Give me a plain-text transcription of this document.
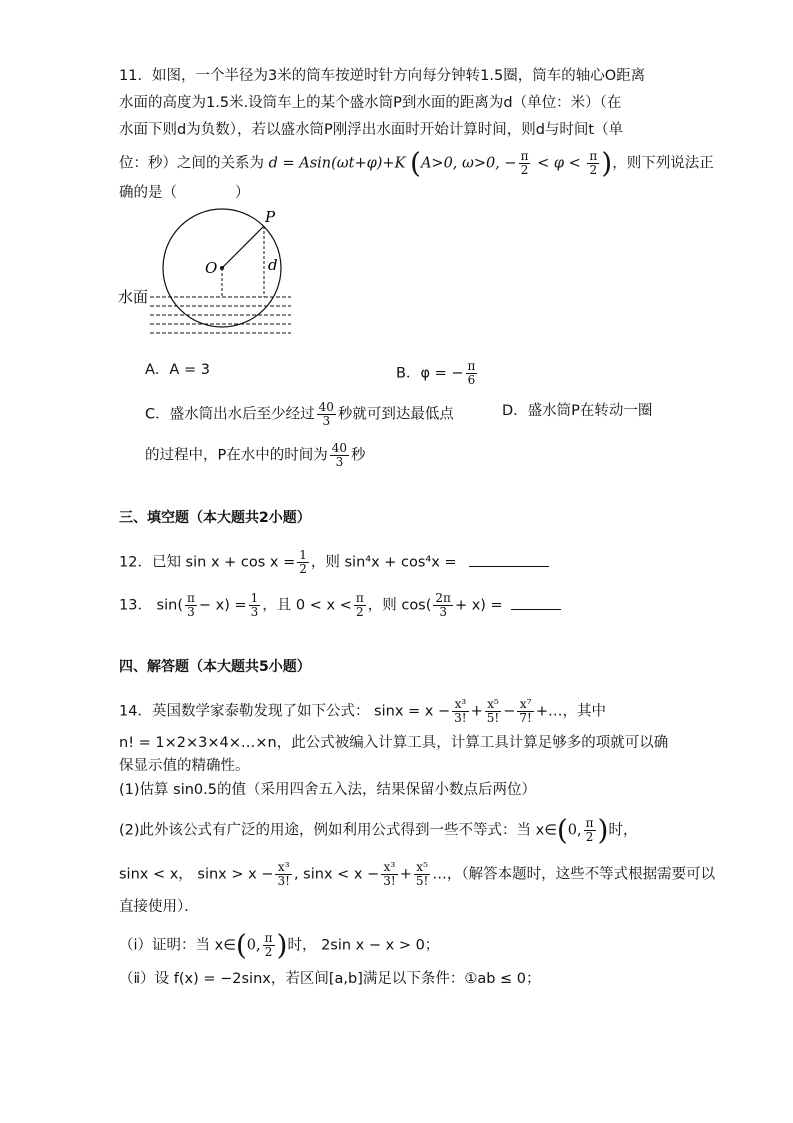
11．如图，一个半径为3米的筒车按逆时针方向每分钟转1.5圈，筒车的轴心O距离
水面的高度为1.5米.设筒车上的某个盛水筒P到水面的距离为d（单位：米）（在
水面下则d为负数），若以盛水筒P刚浮出水面时开始计算时间，则d与时间t（单
位：秒）之间的关系为 d = Asin(ωt+φ)+K (A>0, ω>0, − $\frac{\pi}{2} < \varphi < \frac{\pi}{2}$ )，则下列说法正
确的是（　　　　）
P
O	d
水面
A．A = 3	B．φ = − $\frac{\pi}{6}$
C．盛水筒出水后至少经过 $\frac{40}{3}$ 秒就可到达最低点	D．盛水筒P在转动一圈
的过程中，P在水中的时间为 $\frac{40}{3}$ 秒
三、填空题（本大题共2小题）
12．已知 $\sin x + \cos x = \frac{1}{2}$ ，则 sin⁴x + cos⁴x =
13． $\sin( \frac{\pi}{3} - x) = \frac{1}{3}$ ，且 $0 < x < \frac{\pi}{2}$ ，则 $\cos( \frac{2\pi}{3} + x)$ =
四、解答题（本大题共5小题）
14．英国数学家泰勒发现了如下公式： $\sin x = x - \frac{\text{x³}}{3!} + \frac{\text{x⁵}}{5!} - \frac{\text{x⁷}}{7!}$ +…，其中
n! = 1×2×3×4×…×n，此公式被编入计算工具，计算工具计算足够多的项就可以确
保显示值的精确性。
(1)估算 sin0.5的值（采用四舍五入法，结果保留小数点后两位）
(2)此外该公式有广泛的用途，例如利用公式得到一些不等式：当 x∈(0, $\frac{\pi}{2}$ )时，
sinx < x， $\sin x > x - \frac{\text{x³}}{3!}$ , $\sin x < x - \frac{\text{x³}}{3!} + \frac{\text{x⁵}}{5!}$ …，（解答本题时，这些不等式根据需要可以
直接使用）．
（ⅰ）证明：当 x∈(0, $\frac{\pi}{2}$ )时， 2sin x − x > 0；
（ⅱ）设 f(x) = −2sinx，若区间[a,b]满足以下条件：①ab ≤ 0；
